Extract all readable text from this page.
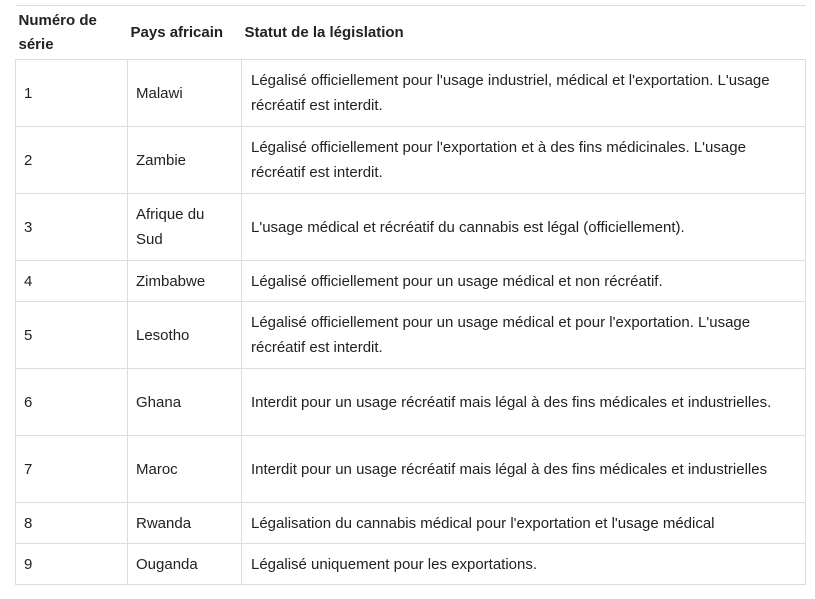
Numéro de série	Pays africain	Statut de la législation
1	Malawi	Légalisé officiellement pour l'usage industriel, médical et l'exportation. L'usage récréatif est interdit.
2	Zambie	Légalisé officiellement pour l'exportation et à des fins médicinales. L'usage récréatif est interdit.
3	Afrique du Sud	L'usage médical et récréatif du cannabis est légal (officiellement).
4	Zimbabwe	Légalisé officiellement pour un usage médical et non récréatif.
5	Lesotho	Légalisé officiellement pour un usage médical et pour l'exportation. L'usage récréatif est interdit.
6	Ghana	Interdit pour un usage récréatif mais légal à des fins médicales et industrielles.
7	Maroc	Interdit pour un usage récréatif mais légal à des fins médicales et industrielles
8	Rwanda	Légalisation du cannabis médical pour l'exportation et l'usage médical
9	Ouganda	Légalisé uniquement pour les exportations.
